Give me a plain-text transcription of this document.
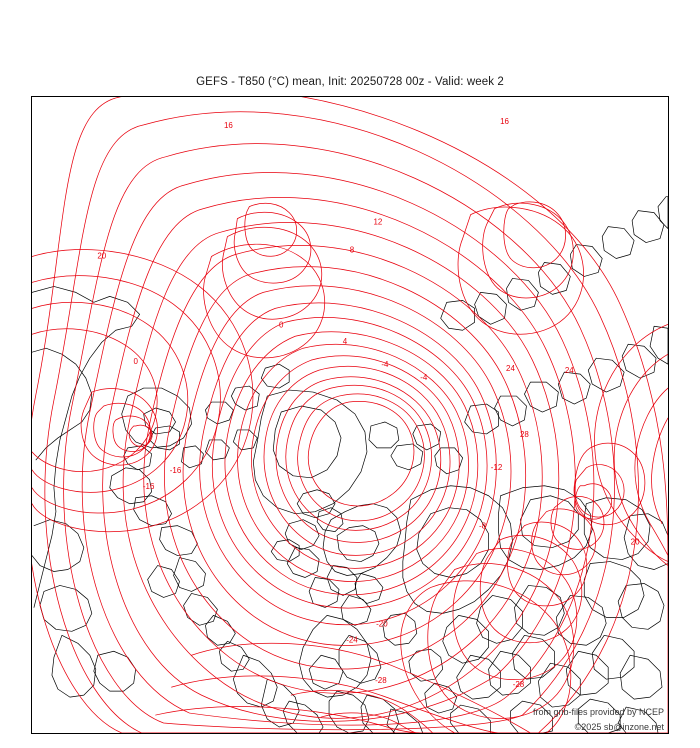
GEFS - T850 (°C) mean, Init: 20250728 00z - Valid: week 2
16	16
12
8
20
0
4
0	-4
24
-4
24
28
-16	-12
-16
-8
20
-20
-24
-28	-28
from grib-files provided by NCEP
©2025 sb@inzone.net
